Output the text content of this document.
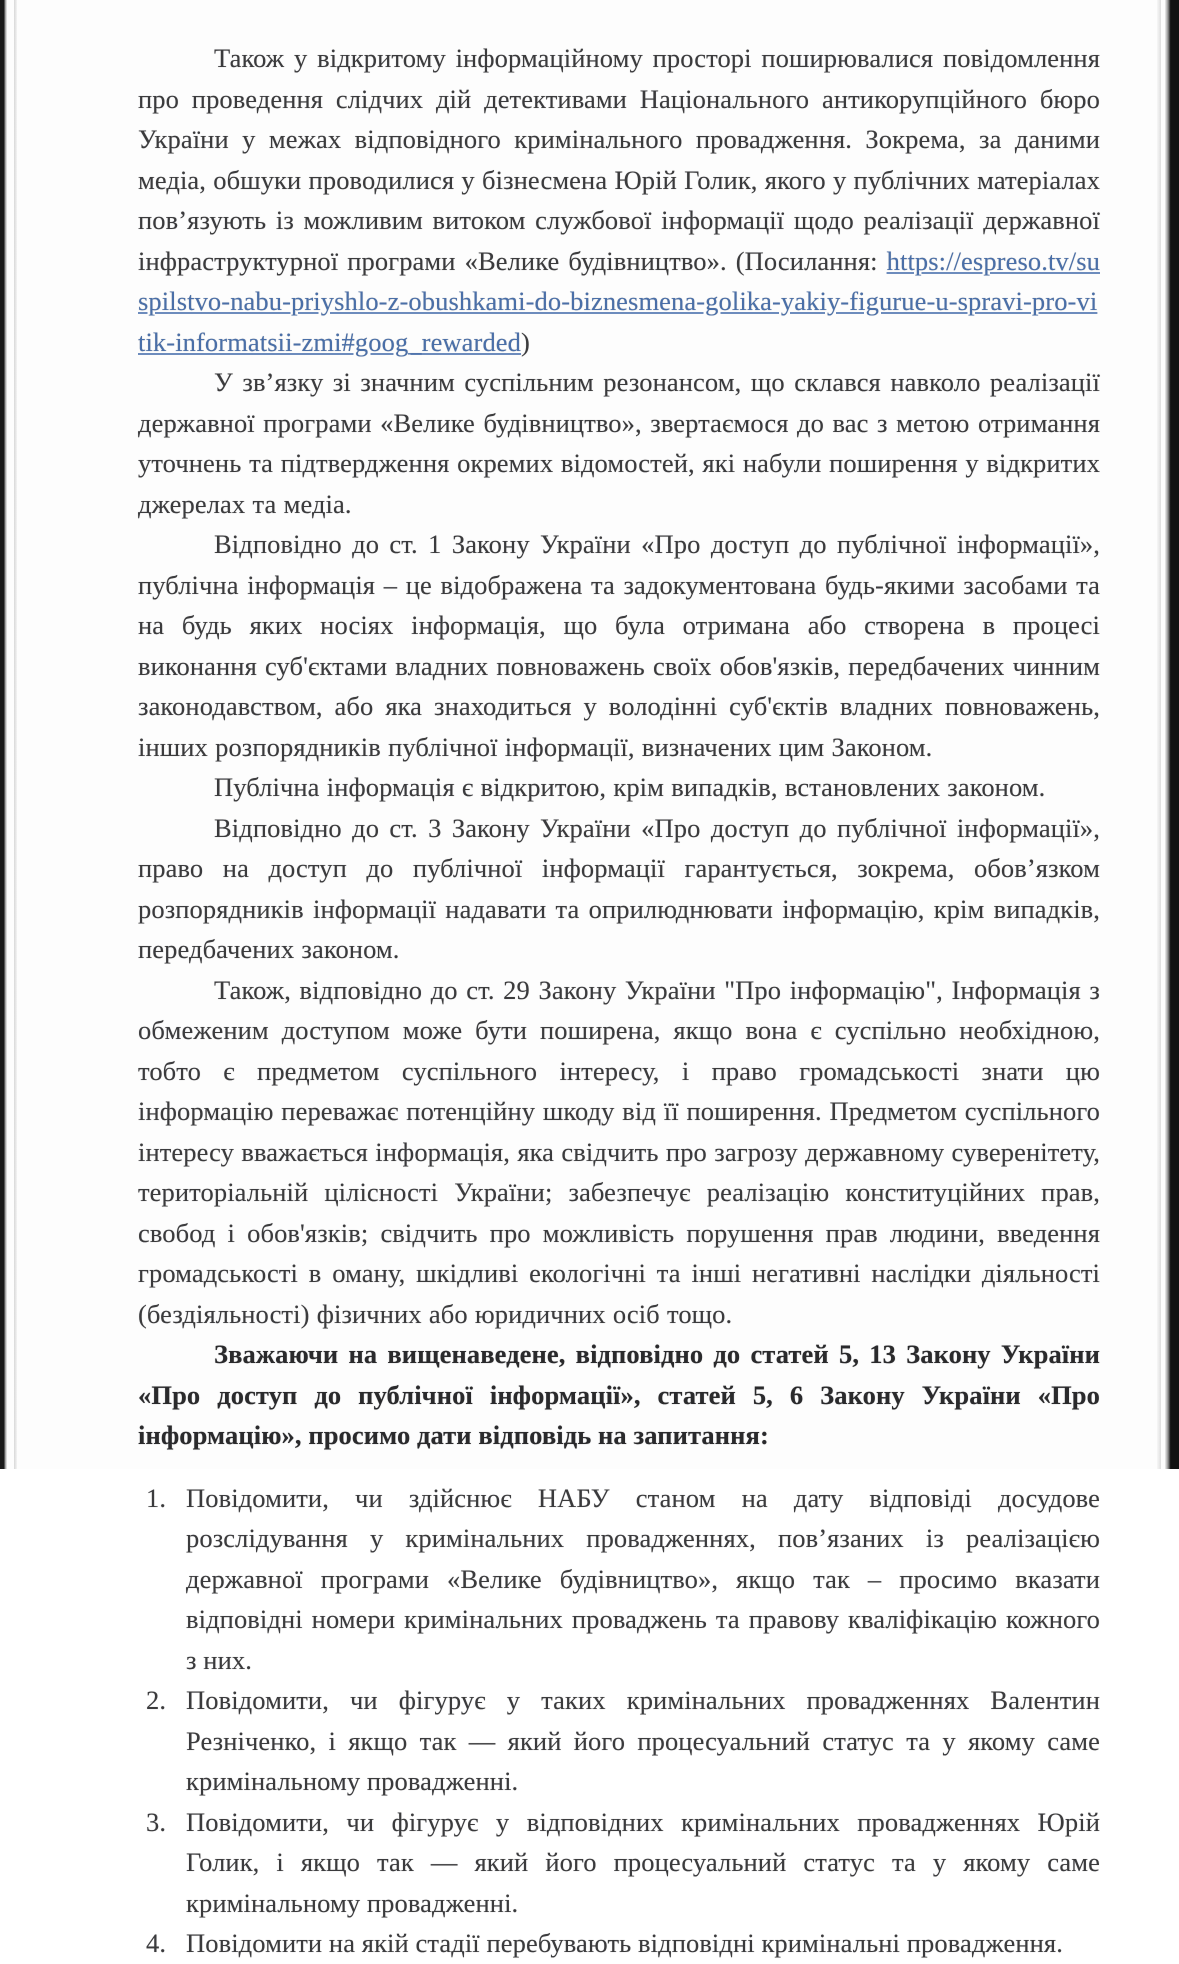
Також у відкритому інформаційному просторі поширювалися повідомлення про проведення слідчих дій детективами Національного антикорупційного бюро України у межах відповідного кримінального провадження. Зокрема, за даними медіа, обшуки проводилися у бізнесмена Юрій Голик, якого у публічних матеріалах пов’язують із можливим витоком службової інформації щодо реалізації державної інфраструктурної програми «Велике будівництво». (Посилання: https://espreso.tv/suspilstvo-nabu-priyshlo-z-obushkami-do-biznesmena-golika-yakiy-figurue-u-spravi-pro-vitik-informatsii-zmi#goog_rewarded)

У зв’язку зі значним суспільним резонансом, що склався навколо реалізації державної програми «Велике будівництво», звертаємося до вас з метою отримання уточнень та підтвердження окремих відомостей, які набули поширення у відкритих джерелах та медіа.

Відповідно до ст. 1 Закону України «Про доступ до публічної інформації», публічна інформація – це відображена та задокументована будь-якими засобами та на будь яких носіях інформація, що була отримана або створена в процесі виконання суб'єктами владних повноважень своїх обов'язків, передбачених чинним законодавством, або яка знаходиться у володінні суб'єктів владних повноважень, інших розпорядників публічної інформації, визначених цим Законом.

Публічна інформація є відкритою, крім випадків, встановлених законом.

Відповідно до ст. 3 Закону України «Про доступ до публічної інформації», право на доступ до публічної інформації гарантується, зокрема, обов’язком розпорядників інформації надавати та оприлюднювати інформацію, крім випадків, передбачених законом.

Також, відповідно до ст. 29 Закону України "Про інформацію", Інформація з обмеженим доступом може бути поширена, якщо вона є суспільно необхідною, тобто є предметом суспільного інтересу, і право громадськості знати цю інформацію переважає потенційну шкоду від її поширення. Предметом суспільного інтересу вважається інформація, яка свідчить про загрозу державному суверенітету, територіальній цілісності України; забезпечує реалізацію конституційних прав, свобод і обов'язків; свідчить про можливість порушення прав людини, введення громадськості в оману, шкідливі екологічні та інші негативні наслідки діяльності (бездіяльності) фізичних або юридичних осіб тощо.

Зважаючи на вищенаведене, відповідно до статей 5, 13 Закону України «Про доступ до публічної інформації», статей 5, 6 Закону України «Про інформацію», просимо дати відповідь на запитання:

Повідомити, чи здійснює НАБУ станом на дату відповіді досудове розслідування у кримінальних провадженнях, пов’язаних із реалізацією державної програми «Велике будівництво», якщо так – просимо вказати відповідні номери кримінальних проваджень та правову кваліфікацію кожного з них.
Повідомити, чи фігурує у таких кримінальних провадженнях Валентин Резніченко, і якщо так — який його процесуальний статус та у якому саме кримінальному провадженні.
Повідомити, чи фігурує у відповідних кримінальних провадженнях Юрій Голик, і якщо так — який його процесуальний статус та у якому саме кримінальному провадженні.
Повідомити на якій стадії перебувають відповідні кримінальні провадження.
